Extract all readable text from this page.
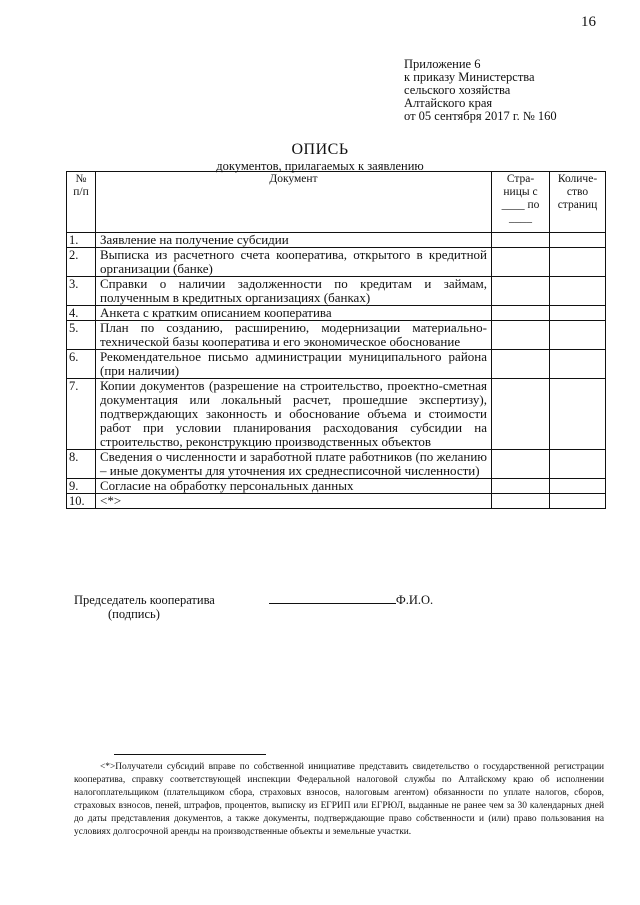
16
Приложение 6
к приказу Министерства
сельского хозяйства
Алтайского края
от 05 сентября 2017 г. № 160
ОПИСЬ
документов, прилагаемых к заявлению
№ п/п	Документ	Стра- ницы с ____ по ____	Количе- ство страниц
1.	Заявление на получение субсидии		
2.	Выписка из расчетного счета кооператива, открытого в кредитной организации (банке)		
3.	Справки о наличии задолженности по кредитам и займам, полученным в кредитных организациях (банках)		
4.	Анкета с кратким описанием кооператива		
5.	План по созданию, расширению, модернизации материально-технической базы кооператива и его экономическое обоснование		
6.	Рекомендательное письмо администрации муниципального района (при наличии)		
7.	Копии документов (разрешение на строительство, проектно-сметная документация или локальный расчет, прошедшие экспертизу), подтверждающих законность и обоснование объема и стоимости работ при условии планирования расходования субсидии на строительство, реконструкцию производственных объектов		
8.	Сведения о численности и заработной плате работников (по желанию – иные документы для уточнения их среднесписочной численности)		
9.	Согласие на обработку персональных данных		
10.	<*>		
Председатель кооператива	Ф.И.О.
(подпись)
<*>Получатели субсидий вправе по собственной инициативе представить свидетельство о государственной регистрации кооператива, справку соответствующей инспекции Федеральной налоговой службы по Алтайскому краю об исполнении налогоплательщиком (плательщиком сбора, страховых взносов, налоговым агентом) обязанности по уплате налогов, сборов, страховых взносов, пеней, штрафов, процентов, выписку из ЕГРИП или ЕГРЮЛ, выданные не ранее чем за 30 календарных дней до даты представления документов, а также документы, подтверждающие право собственности и (или) право пользования на условиях долгосрочной аренды на производственные объекты и земельные участки.
